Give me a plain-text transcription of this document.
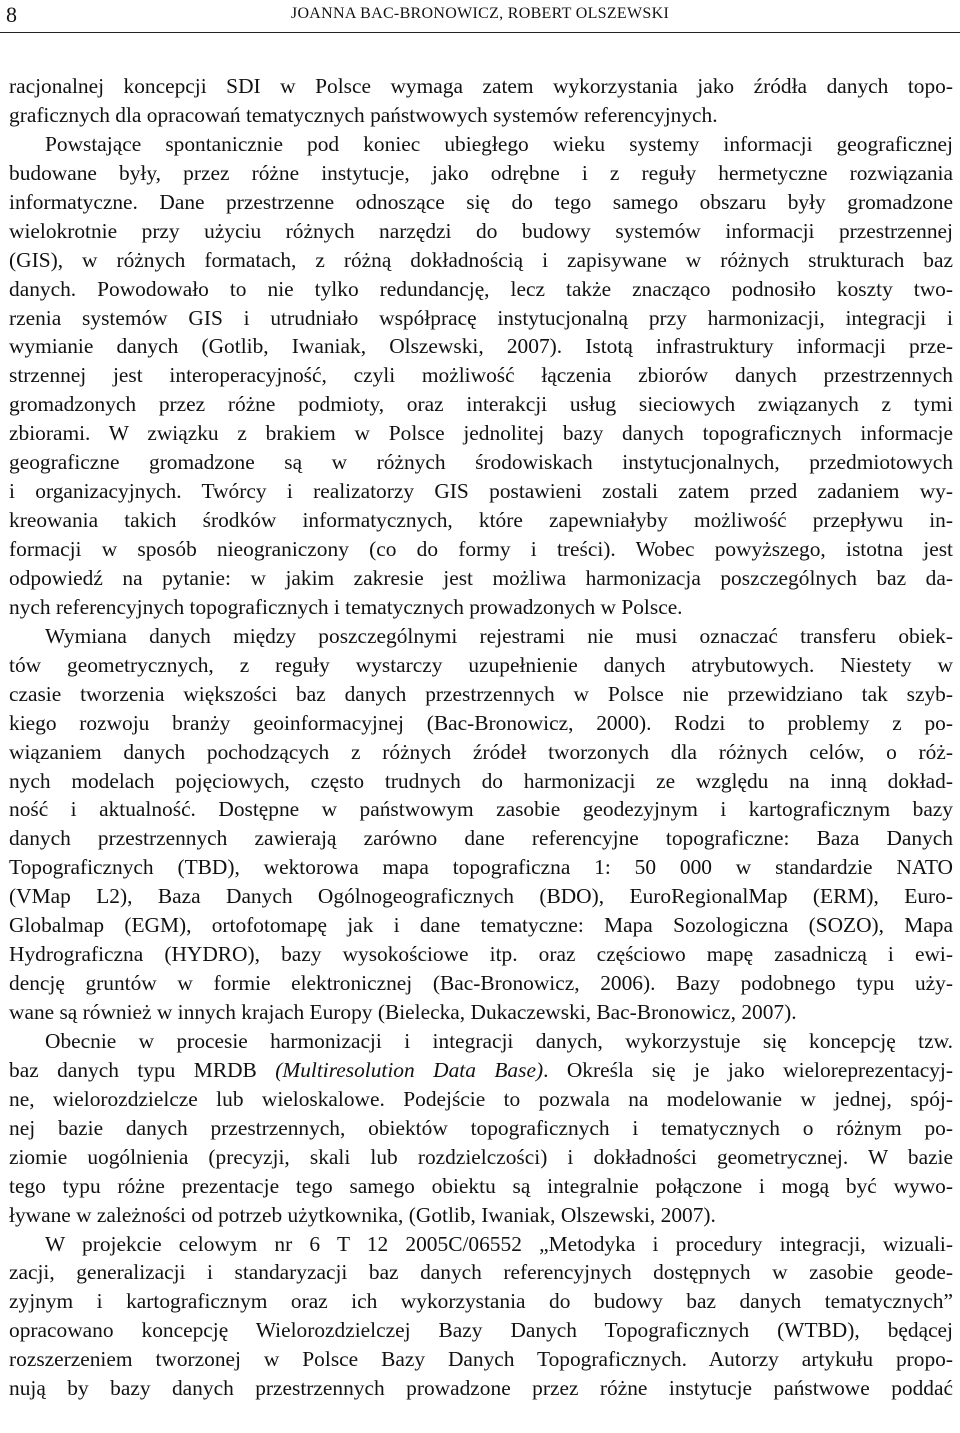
8	JOANNA BAC-BRONOWICZ, ROBERT OLSZEWSKI
racjonalnej koncepcji SDI w Polsce wymaga zatem wykorzystania jako źródła danych topo-
graficznych dla opracowań tematycznych państwowych systemów referencyjnych.
Powstające spontanicznie pod koniec ubiegłego wieku systemy informacji geograficznej
budowane były, przez różne instytucje, jako odrębne i z reguły hermetyczne rozwiązania
informatyczne. Dane przestrzenne odnoszące się do tego samego obszaru były gromadzone
wielokrotnie przy użyciu różnych narzędzi do budowy systemów informacji przestrzennej
(GIS), w różnych formatach, z różną dokładnością i zapisywane w różnych strukturach baz
danych. Powodowało to nie tylko redundancję, lecz także znacząco podnosiło koszty two-
rzenia systemów GIS i utrudniało współpracę instytucjonalną przy harmonizacji, integracji i
wymianie danych (Gotlib, Iwaniak, Olszewski, 2007). Istotą infrastruktury informacji prze-
strzennej jest interoperacyjność, czyli możliwość łączenia zbiorów danych przestrzennych
gromadzonych przez różne podmioty, oraz interakcji usług sieciowych związanych z tymi
zbiorami. W związku z brakiem w Polsce jednolitej bazy danych topograficznych informacje
geograficzne gromadzone są w różnych środowiskach instytucjonalnych, przedmiotowych
i organizacyjnych. Twórcy i realizatorzy GIS postawieni zostali zatem przed zadaniem wy-
kreowania takich środków informatycznych, które zapewniałyby możliwość przepływu in-
formacji w sposób nieograniczony (co do formy i treści). Wobec powyższego, istotna jest
odpowiedź na pytanie: w jakim zakresie jest możliwa harmonizacja poszczególnych baz da-
nych referencyjnych topograficznych i tematycznych prowadzonych w Polsce.
Wymiana danych między poszczególnymi rejestrami nie musi oznaczać transferu obiek-
tów geometrycznych, z reguły wystarczy uzupełnienie danych atrybutowych. Niestety w
czasie tworzenia większości baz danych przestrzennych w Polsce nie przewidziano tak szyb-
kiego rozwoju branży geoinformacyjnej (Bac-Bronowicz, 2000). Rodzi to problemy z po-
wiązaniem danych pochodzących z różnych źródeł tworzonych dla różnych celów, o róż-
nych modelach pojęciowych, często trudnych do harmonizacji ze względu na inną dokład-
ność i aktualność. Dostępne w państwowym zasobie geodezyjnym i kartograficznym bazy
danych przestrzennych zawierają zarówno dane referencyjne topograficzne: Baza Danych
Topograficznych (TBD), wektorowa mapa topograficzna 1: 50 000 w standardzie NATO
(VMap L2), Baza Danych Ogólnogeograficznych (BDO), EuroRegionalMap (ERM), Euro-
Globalmap (EGM), ortofotomapę jak i dane tematyczne: Mapa Sozologiczna (SOZO), Mapa
Hydrograficzna (HYDRO), bazy wysokościowe itp. oraz częściowo mapę zasadniczą i ewi-
dencję gruntów w formie elektronicznej (Bac-Bronowicz, 2006). Bazy podobnego typu uży-
wane są również w innych krajach Europy (Bielecka, Dukaczewski, Bac-Bronowicz, 2007).
Obecnie w procesie harmonizacji i integracji danych, wykorzystuje się koncepcję tzw.
baz danych typu MRDB (Multiresolution Data Base). Określa się je jako wieloreprezentacyj-
ne, wielorozdzielcze lub wieloskalowe. Podejście to pozwala na modelowanie w jednej, spój-
nej bazie danych przestrzennych, obiektów topograficznych i tematycznych o różnym po-
ziomie uogólnienia (precyzji, skali lub rozdzielczości) i dokładności geometrycznej. W bazie
tego typu różne prezentacje tego samego obiektu są integralnie połączone i mogą być wywo-
ływane w zależności od potrzeb użytkownika, (Gotlib, Iwaniak, Olszewski, 2007).
W projekcie celowym nr 6 T 12 2005C/06552 „Metodyka i procedury integracji, wizuali-
zacji, generalizacji i standaryzacji baz danych referencyjnych dostępnych w zasobie geode-
zyjnym i kartograficznym oraz ich wykorzystania do budowy baz danych tematycznych”
opracowano koncepcję Wielorozdzielczej Bazy Danych Topograficznych (WTBD), będącej
rozszerzeniem tworzonej w Polsce Bazy Danych Topograficznych. Autorzy artykułu propo-
nują by bazy danych przestrzennych prowadzone przez różne instytucje państwowe poddać
